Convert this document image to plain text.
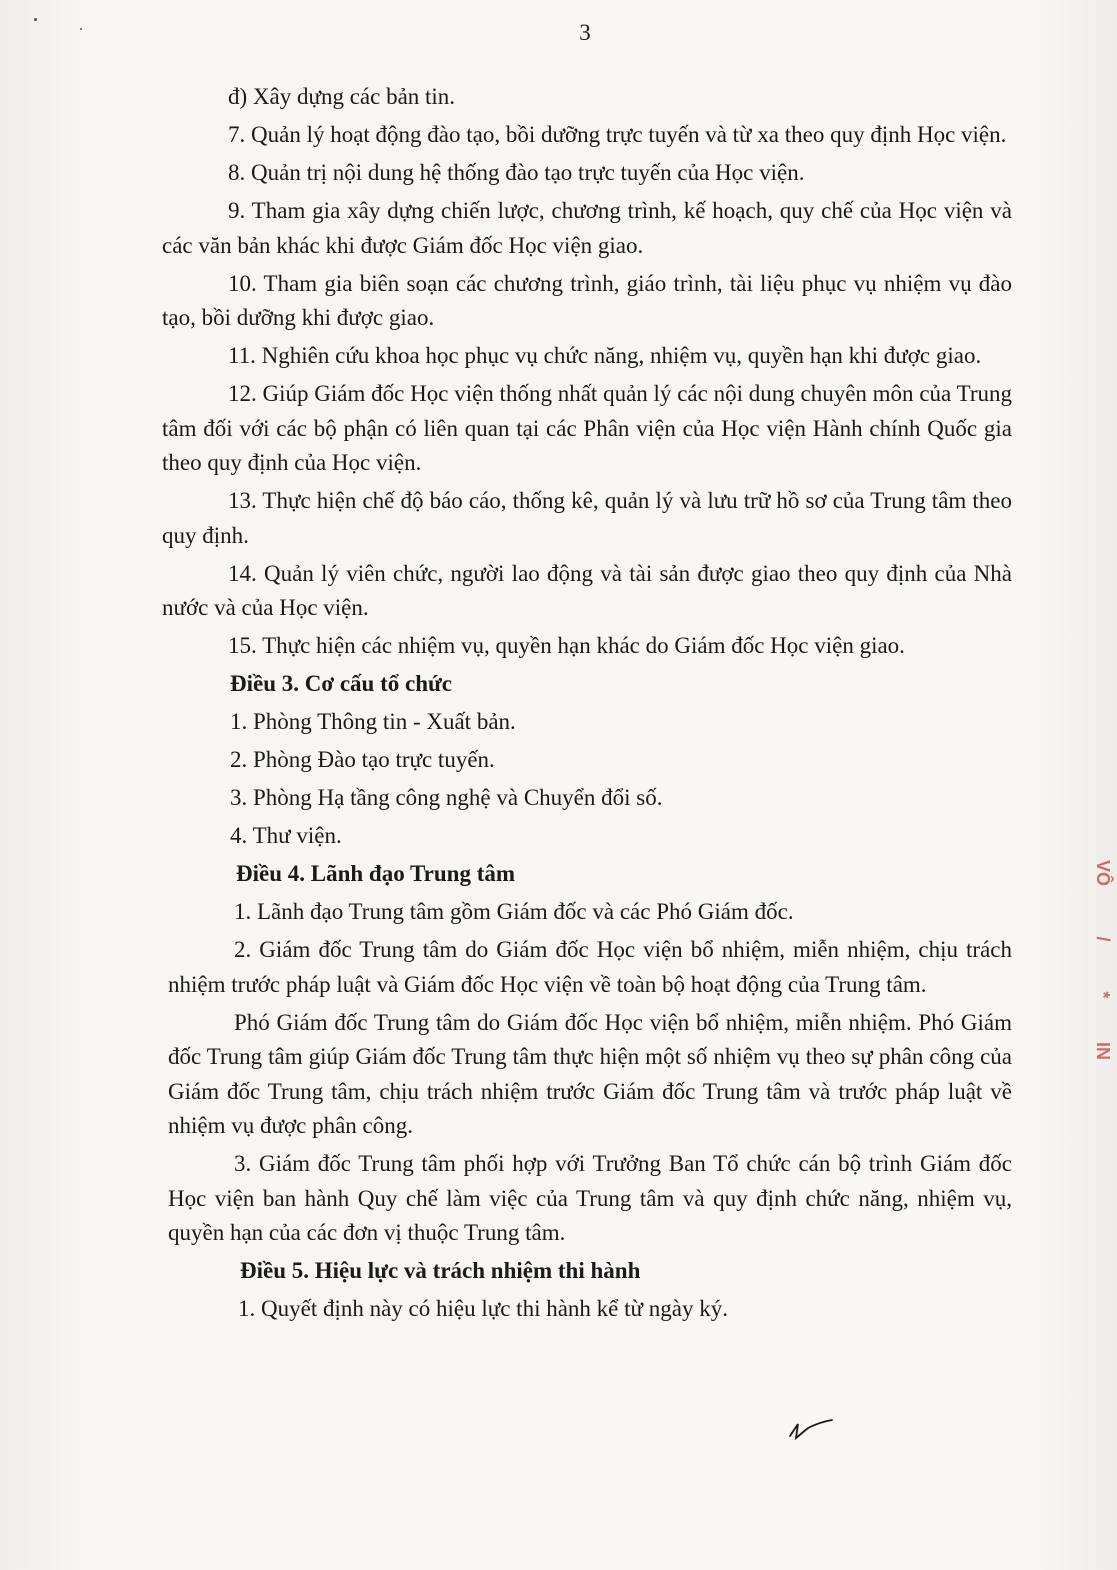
3

đ) Xây dựng các bản tin.

7. Quản lý hoạt động đào tạo, bồi dưỡng trực tuyến và từ xa theo quy định Học viện.

8. Quản trị nội dung hệ thống đào tạo trực tuyến của Học viện.

9. Tham gia xây dựng chiến lược, chương trình, kế hoạch, quy chế của Học viện và các văn bản khác khi được Giám đốc Học viện giao.

10. Tham gia biên soạn các chương trình, giáo trình, tài liệu phục vụ nhiệm vụ đào tạo, bồi dưỡng khi được giao.

11. Nghiên cứu khoa học phục vụ chức năng, nhiệm vụ, quyền hạn khi được giao.

12. Giúp Giám đốc Học viện thống nhất quản lý các nội dung chuyên môn của Trung tâm đối với các bộ phận có liên quan tại các Phân viện của Học viện Hành chính Quốc gia theo quy định của Học viện.

13. Thực hiện chế độ báo cáo, thống kê, quản lý và lưu trữ hồ sơ của Trung tâm theo quy định.

14. Quản lý viên chức, người lao động và tài sản được giao theo quy định của Nhà nước và của Học viện.

15. Thực hiện các nhiệm vụ, quyền hạn khác do Giám đốc Học viện giao.

Điều 3. Cơ cấu tổ chức

1. Phòng Thông tin - Xuất bản.

2. Phòng Đào tạo trực tuyến.

3. Phòng Hạ tầng công nghệ và Chuyển đổi số.

4. Thư viện.

Điều 4. Lãnh đạo Trung tâm

1. Lãnh đạo Trung tâm gồm Giám đốc và các Phó Giám đốc.

2. Giám đốc Trung tâm do Giám đốc Học viện bổ nhiệm, miễn nhiệm, chịu trách nhiệm trước pháp luật và Giám đốc Học viện về toàn bộ hoạt động của Trung tâm.

Phó Giám đốc Trung tâm do Giám đốc Học viện bổ nhiệm, miễn nhiệm. Phó Giám đốc Trung tâm giúp Giám đốc Trung tâm thực hiện một số nhiệm vụ theo sự phân công của Giám đốc Trung tâm, chịu trách nhiệm trước Giám đốc Trung tâm và trước pháp luật về nhiệm vụ được phân công.

3. Giám đốc Trung tâm phối hợp với Trưởng Ban Tổ chức cán bộ trình Giám đốc Học viện ban hành Quy chế làm việc của Trung tâm và quy định chức năng, nhiệm vụ, quyền hạn của các đơn vị thuộc Trung tâm.

Điều 5. Hiệu lực và trách nhiệm thi hành

1. Quyết định này có hiệu lực thi hành kể từ ngày ký.

VÔ
/
*
IN
